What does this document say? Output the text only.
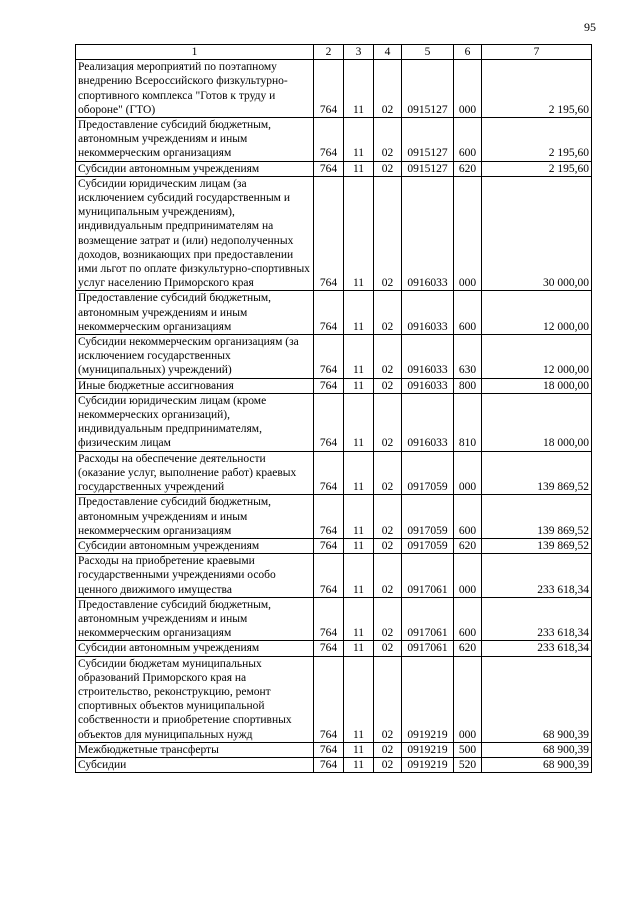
95
1	2	3	4	5	6	7
Реализация мероприятий по поэтапному внедрению Всероссийского физкультурно-спортивного комплекса "Готов к труду и обороне" (ГТО)	764	11	02	0915127	000	2 195,60
Предоставление субсидий бюджетным, автономным учреждениям и иным некоммерческим организациям	764	11	02	0915127	600	2 195,60
Субсидии автономным учреждениям	764	11	02	0915127	620	2 195,60
Субсидии юридическим лицам (за исключением субсидий государственным и муниципальным учреждениям), индивидуальным предпринимателям на возмещение затрат и (или) недополученных доходов, возникающих при предоставлении ими льгот по оплате физкультурно-спортивных услуг населению Приморского края	764	11	02	0916033	000	30 000,00
Предоставление субсидий бюджетным, автономным учреждениям и иным некоммерческим организациям	764	11	02	0916033	600	12 000,00
Субсидии некоммерческим организациям (за исключением государственных (муниципальных) учреждений)	764	11	02	0916033	630	12 000,00
Иные бюджетные ассигнования	764	11	02	0916033	800	18 000,00
Субсидии юридическим лицам (кроме некоммерческих организаций), индивидуальным предпринимателям, физическим лицам	764	11	02	0916033	810	18 000,00
Расходы на обеспечение деятельности (оказание услуг, выполнение работ) краевых государственных учреждений	764	11	02	0917059	000	139 869,52
Предоставление субсидий бюджетным, автономным учреждениям и иным некоммерческим организациям	764	11	02	0917059	600	139 869,52
Субсидии автономным учреждениям	764	11	02	0917059	620	139 869,52
Расходы на приобретение краевыми государственными учреждениями особо ценного движимого имущества	764	11	02	0917061	000	233 618,34
Предоставление субсидий бюджетным, автономным учреждениям и иным некоммерческим организациям	764	11	02	0917061	600	233 618,34
Субсидии автономным учреждениям	764	11	02	0917061	620	233 618,34
Субсидии бюджетам муниципальных образований Приморского края на строительство, реконструкцию, ремонт спортивных объектов муниципальной собственности и приобретение спортивных объектов для муниципальных нужд	764	11	02	0919219	000	68 900,39
Межбюджетные трансферты	764	11	02	0919219	500	68 900,39
Субсидии	764	11	02	0919219	520	68 900,39
